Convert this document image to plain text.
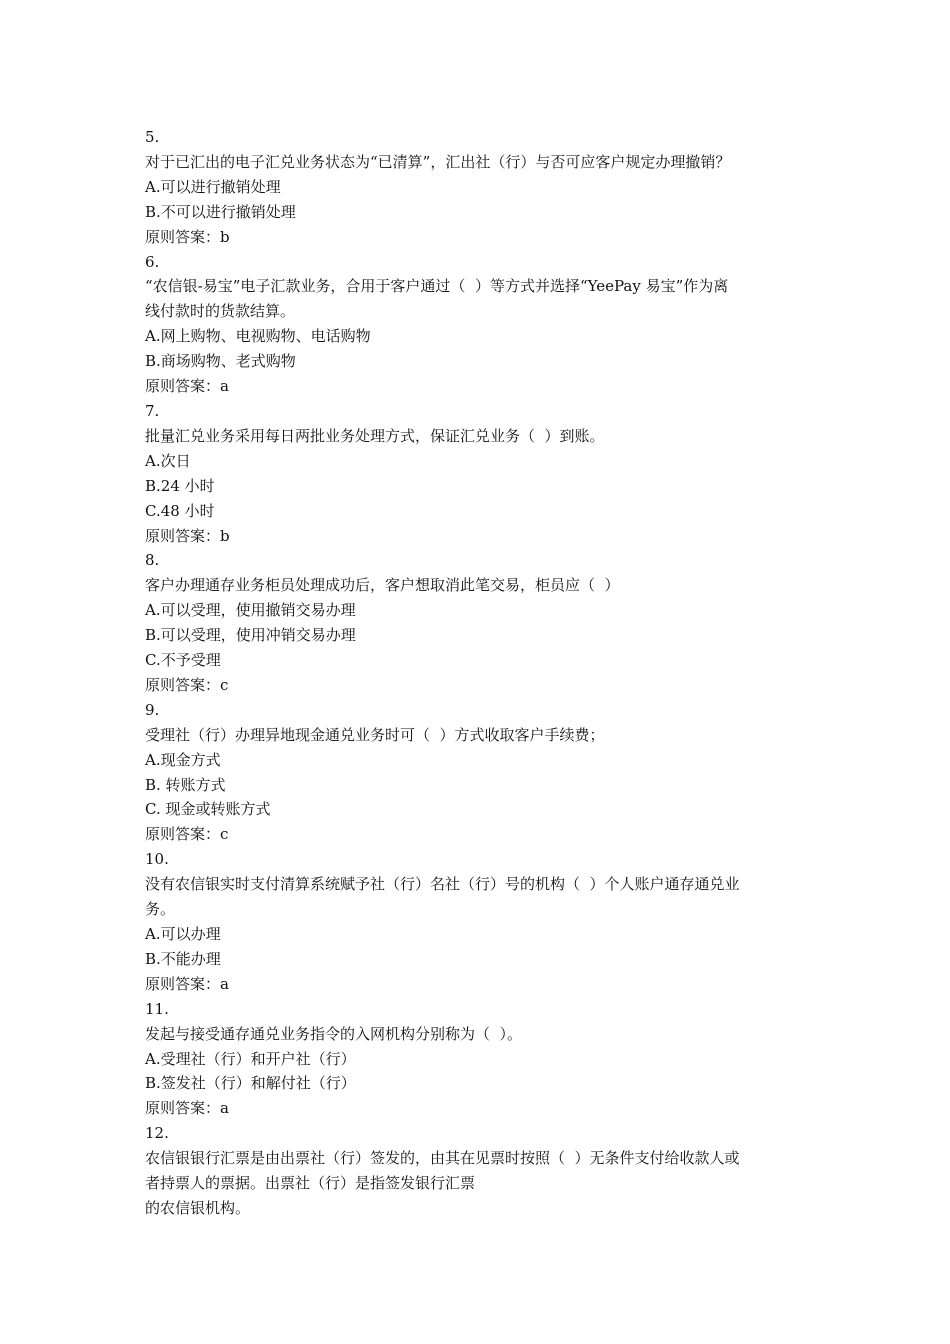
5.
对于已汇出的电子汇兑业务状态为“已清算”，汇出社（行）与否可应客户规定办理撤销？
A.可以进行撤销处理
B.不可以进行撤销处理
原则答案：b
6.
“农信银-易宝”电子汇款业务，合用于客户通过（  ）等方式并选择“YeePay 易宝”作为离
线付款时的货款结算。
A.网上购物、电视购物、电话购物
B.商场购物、老式购物
原则答案：a
7.
批量汇兑业务采用每日两批业务处理方式，保证汇兑业务（  ）到账。
A.次日
B.24 小时
C.48 小时
原则答案：b
8.
客户办理通存业务柜员处理成功后，客户想取消此笔交易，柜员应（  ）
A.可以受理，使用撤销交易办理
B.可以受理，使用冲销交易办理
C.不予受理
原则答案：c
9.
受理社（行）办理异地现金通兑业务时可（  ）方式收取客户手续费；
A.现金方式
B. 转账方式
C. 现金或转账方式
原则答案：c
10.
没有农信银实时支付清算系统赋予社（行）名社（行）号的机构（  ）个人账户通存通兑业
务。
A.可以办理
B.不能办理
原则答案：a
11.
发起与接受通存通兑业务指令的入网机构分别称为（  ）。
A.受理社（行）和开户社（行）
B.签发社（行）和解付社（行）
原则答案：a
12.
农信银银行汇票是由出票社（行）签发的，由其在见票时按照（  ）无条件支付给收款人或
者持票人的票据。出票社（行）是指签发银行汇票
的农信银机构。
